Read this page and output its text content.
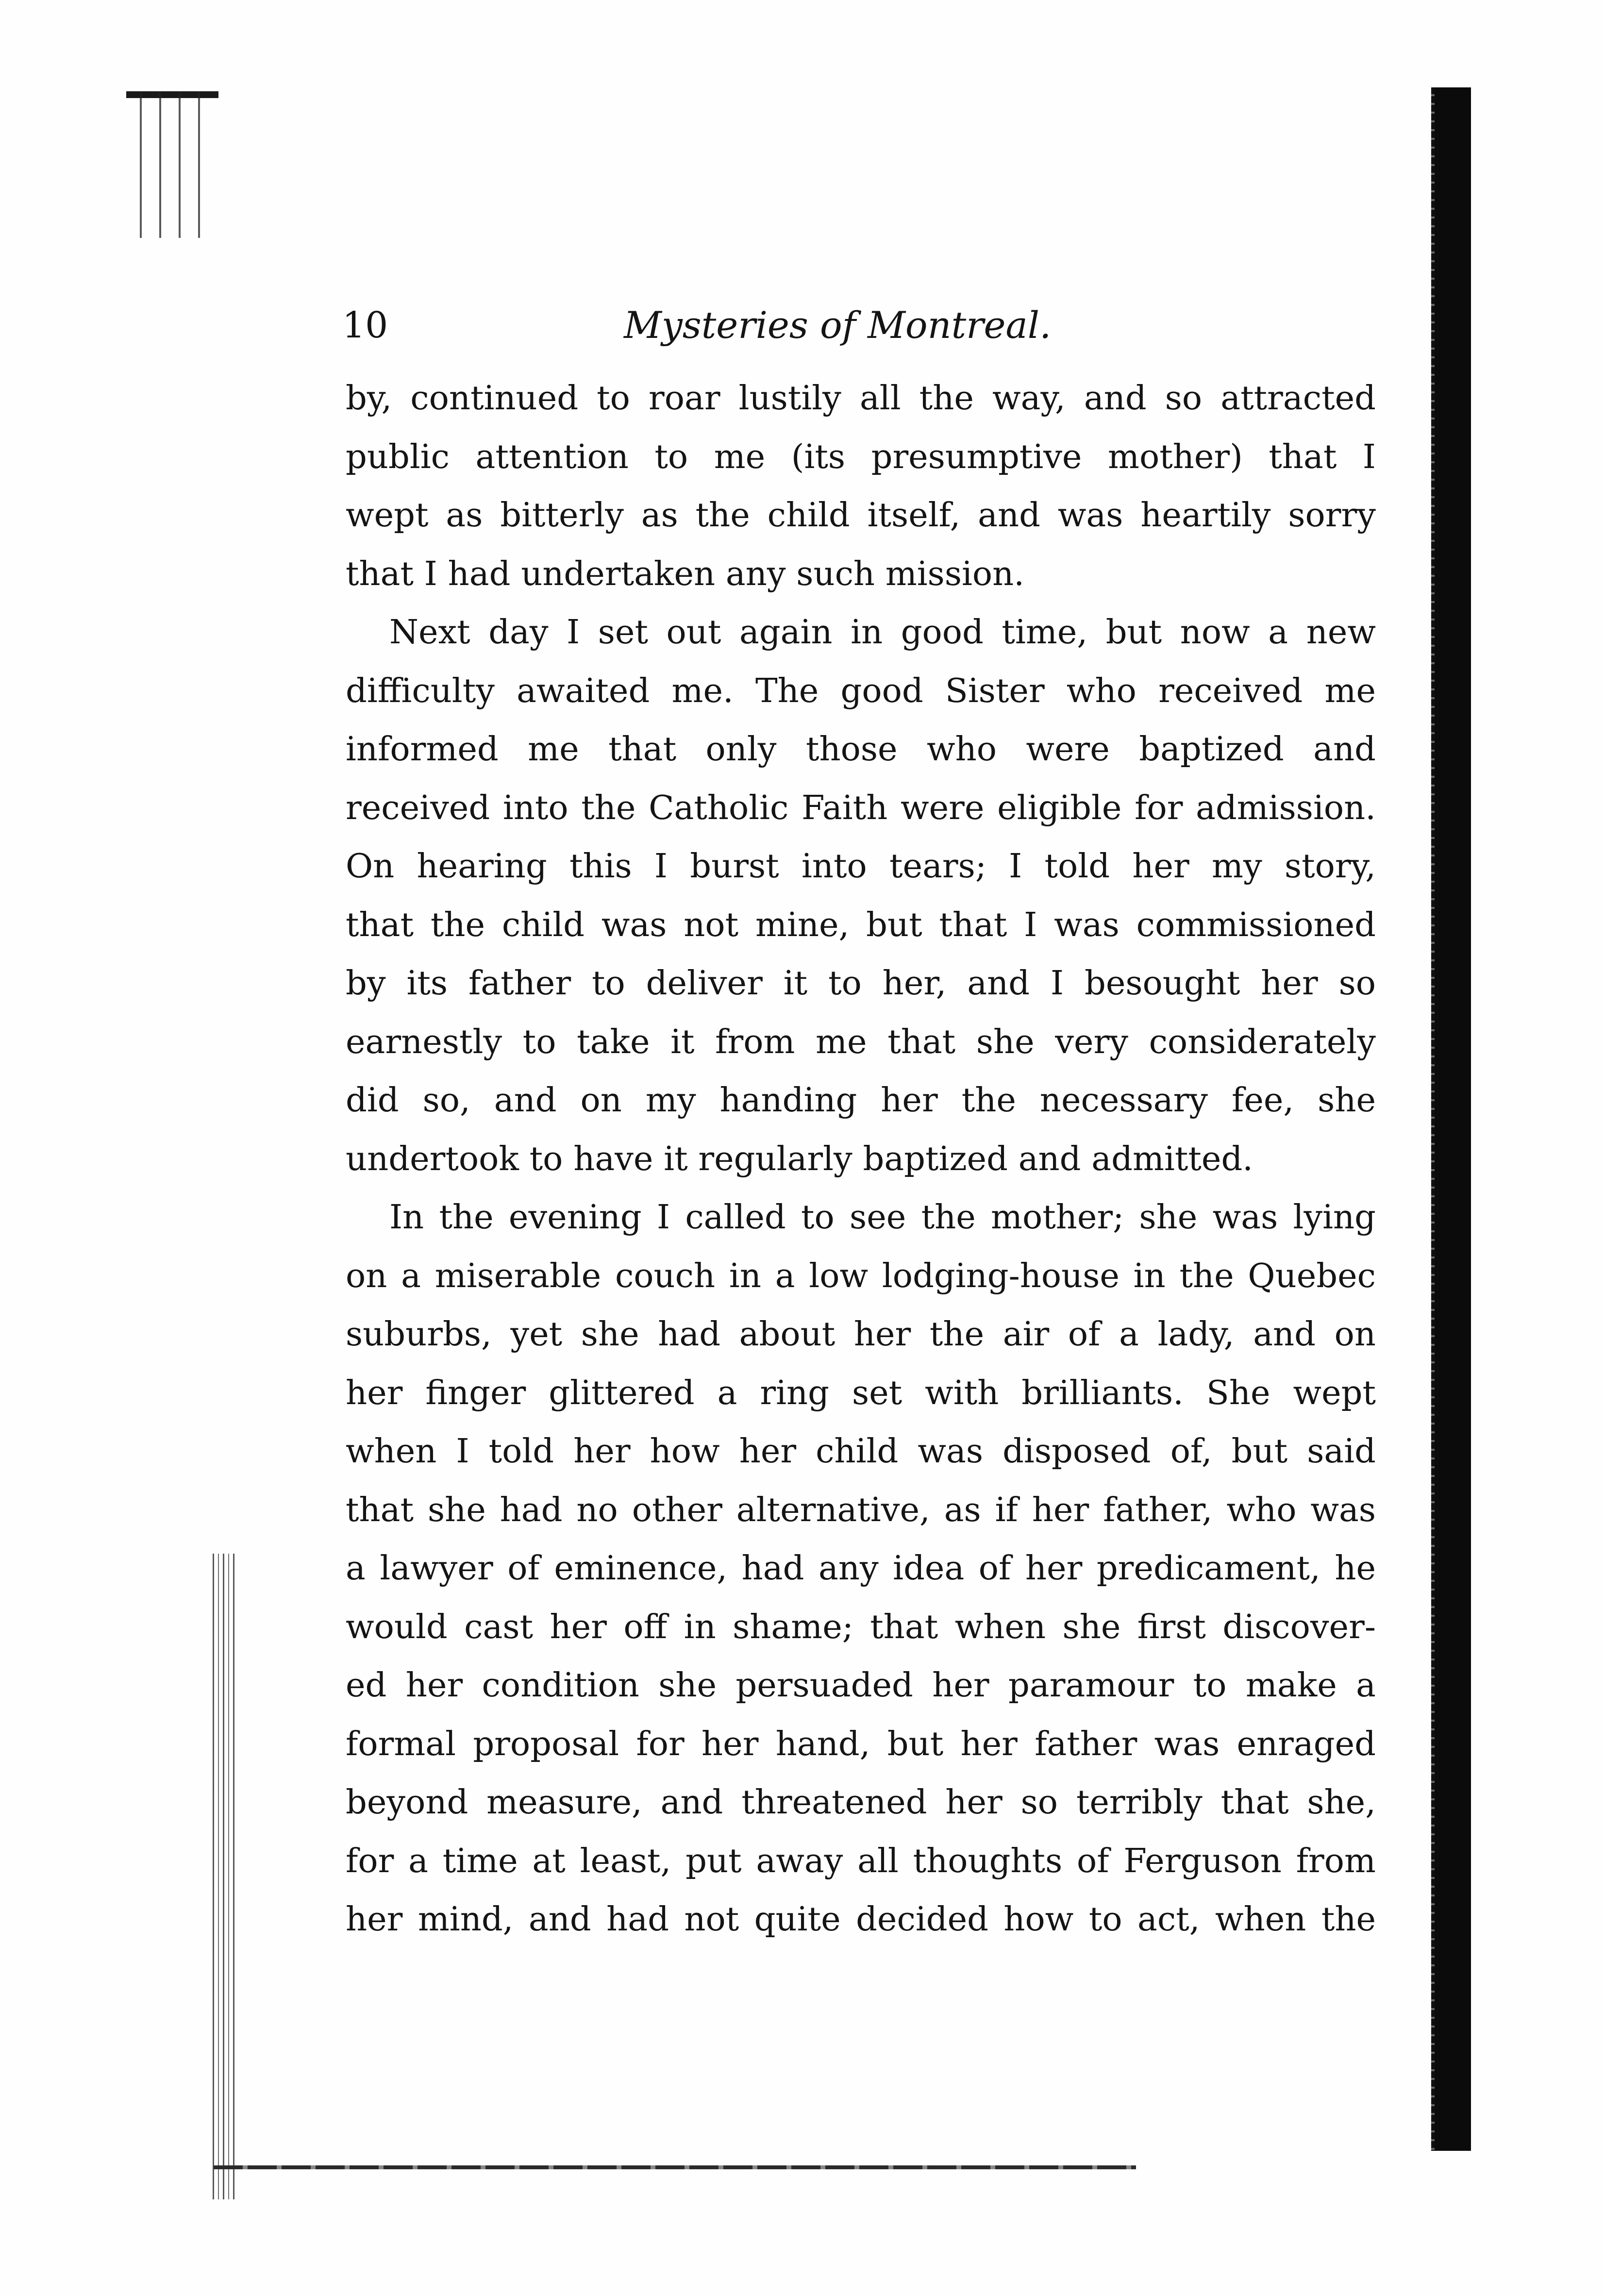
10	Mysteries of Montreal.
by, continued to roar lustily all the way, and so attracted
public attention to me (its presumptive mother) that I
wept as bitterly as the child itself, and was heartily sorry
that I had undertaken any such mission.
Next day I set out again in good time, but now a new
difficulty awaited me. The good Sister who received me
informed me that only those who were baptized and
received into the Catholic Faith were eligible for admission.
On hearing this I burst into tears; I told her my story,
that the child was not mine, but that I was commissioned
by its father to deliver it to her, and I besought her so
earnestly to take it from me that she very considerately
did so, and on my handing her the necessary fee, she
undertook to have it regularly baptized and admitted.
In the evening I called to see the mother; she was lying
on a miserable couch in a low lodging-house in the Quebec
suburbs, yet she had about her the air of a lady, and on
her finger glittered a ring set with brilliants. She wept
when I told her how her child was disposed of, but said
that she had no other alternative, as if her father, who was
a lawyer of eminence, had any idea of her predicament, he
would cast her off in shame; that when she first discover-
ed her condition she persuaded her paramour to make a
formal proposal for her hand, but her father was enraged
beyond measure, and threatened her so terribly that she,
for a time at least, put away all thoughts of Ferguson from
her mind, and had not quite decided how to act, when the
